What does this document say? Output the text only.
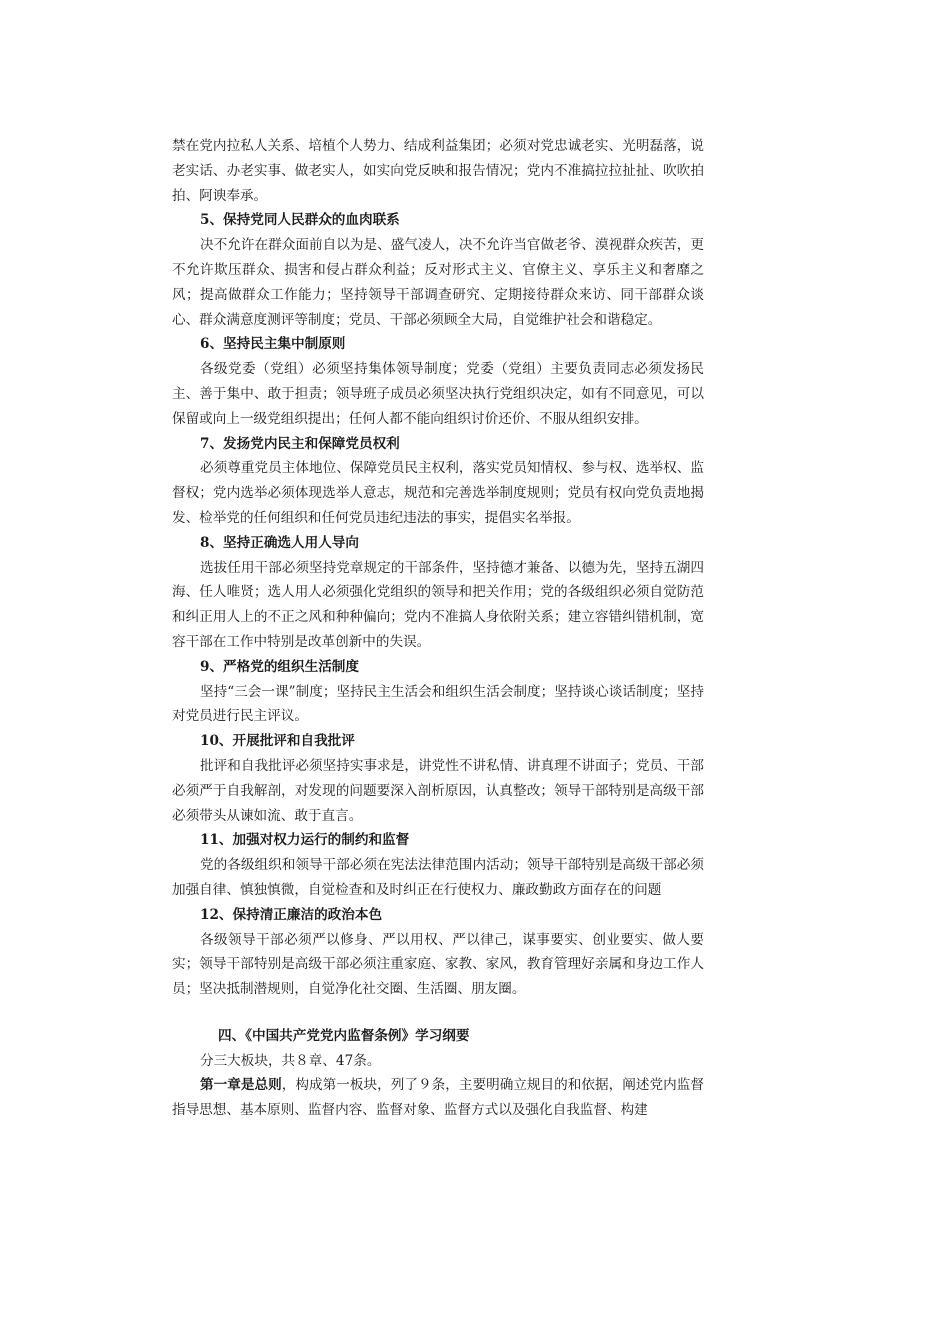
禁在党内拉私人关系、培植个人势力、结成利益集团；必须对党忠诚老实、光明磊落，说老实话、办老实事、做老实人，如实向党反映和报告情况；党内不准搞拉拉扯扯、吹吹拍拍、阿谀奉承。

5、保持党同人民群众的血肉联系

决不允许在群众面前自以为是、盛气凌人，决不允许当官做老爷、漠视群众疾苦，更不允许欺压群众、损害和侵占群众利益；反对形式主义、官僚主义、享乐主义和奢靡之风；提高做群众工作能力；坚持领导干部调查研究、定期接待群众来访、同干部群众谈心、群众满意度测评等制度；党员、干部必须顾全大局，自觉维护社会和谐稳定。

6、坚持民主集中制原则

各级党委（党组）必须坚持集体领导制度；党委（党组）主要负责同志必须发扬民主、善于集中、敢于担责；领导班子成员必须坚决执行党组织决定，如有不同意见，可以保留或向上一级党组织提出；任何人都不能向组织讨价还价、不服从组织安排。

7、发扬党内民主和保障党员权利

必须尊重党员主体地位、保障党员民主权利，落实党员知情权、参与权、选举权、监督权；党内选举必须体现选举人意志，规范和完善选举制度规则；党员有权向党负责地揭发、检举党的任何组织和任何党员违纪违法的事实，提倡实名举报。

8、坚持正确选人用人导向

选拔任用干部必须坚持党章规定的干部条件，坚持德才兼备、以德为先，坚持五湖四海、任人唯贤；选人用人必须强化党组织的领导和把关作用；党的各级组织必须自觉防范和纠正用人上的不正之风和种种偏向；党内不准搞人身依附关系；建立容错纠错机制，宽容干部在工作中特别是改革创新中的失误。

9、严格党的组织生活制度

坚持“三会一课”制度；坚持民主生活会和组织生活会制度；坚持谈心谈话制度；坚持对党员进行民主评议。

10、开展批评和自我批评

批评和自我批评必须坚持实事求是，讲党性不讲私情、讲真理不讲面子；党员、干部必须严于自我解剖，对发现的问题要深入剖析原因，认真整改；领导干部特别是高级干部必须带头从谏如流、敢于直言。

11、加强对权力运行的制约和监督

党的各级组织和领导干部必须在宪法法律范围内活动；领导干部特别是高级干部必须加强自律、慎独慎微，自觉检查和及时纠正在行使权力、廉政勤政方面存在的问题

12、保持清正廉洁的政治本色

各级领导干部必须严以修身、严以用权、严以律己，谋事要实、创业要实、做人要实；领导干部特别是高级干部必须注重家庭、家教、家风，教育管理好亲属和身边工作人员；坚决抵制潜规则，自觉净化社交圈、生活圈、朋友圈。

四、《中国共产党党内监督条例》学习纲要

分三大板块，共８章、47条。

第一章是总则，构成第一板块，列了９条，主要明确立规目的和依据，阐述党内监督指导思想、基本原则、监督内容、监督对象、监督方式以及强化自我监督、构建
